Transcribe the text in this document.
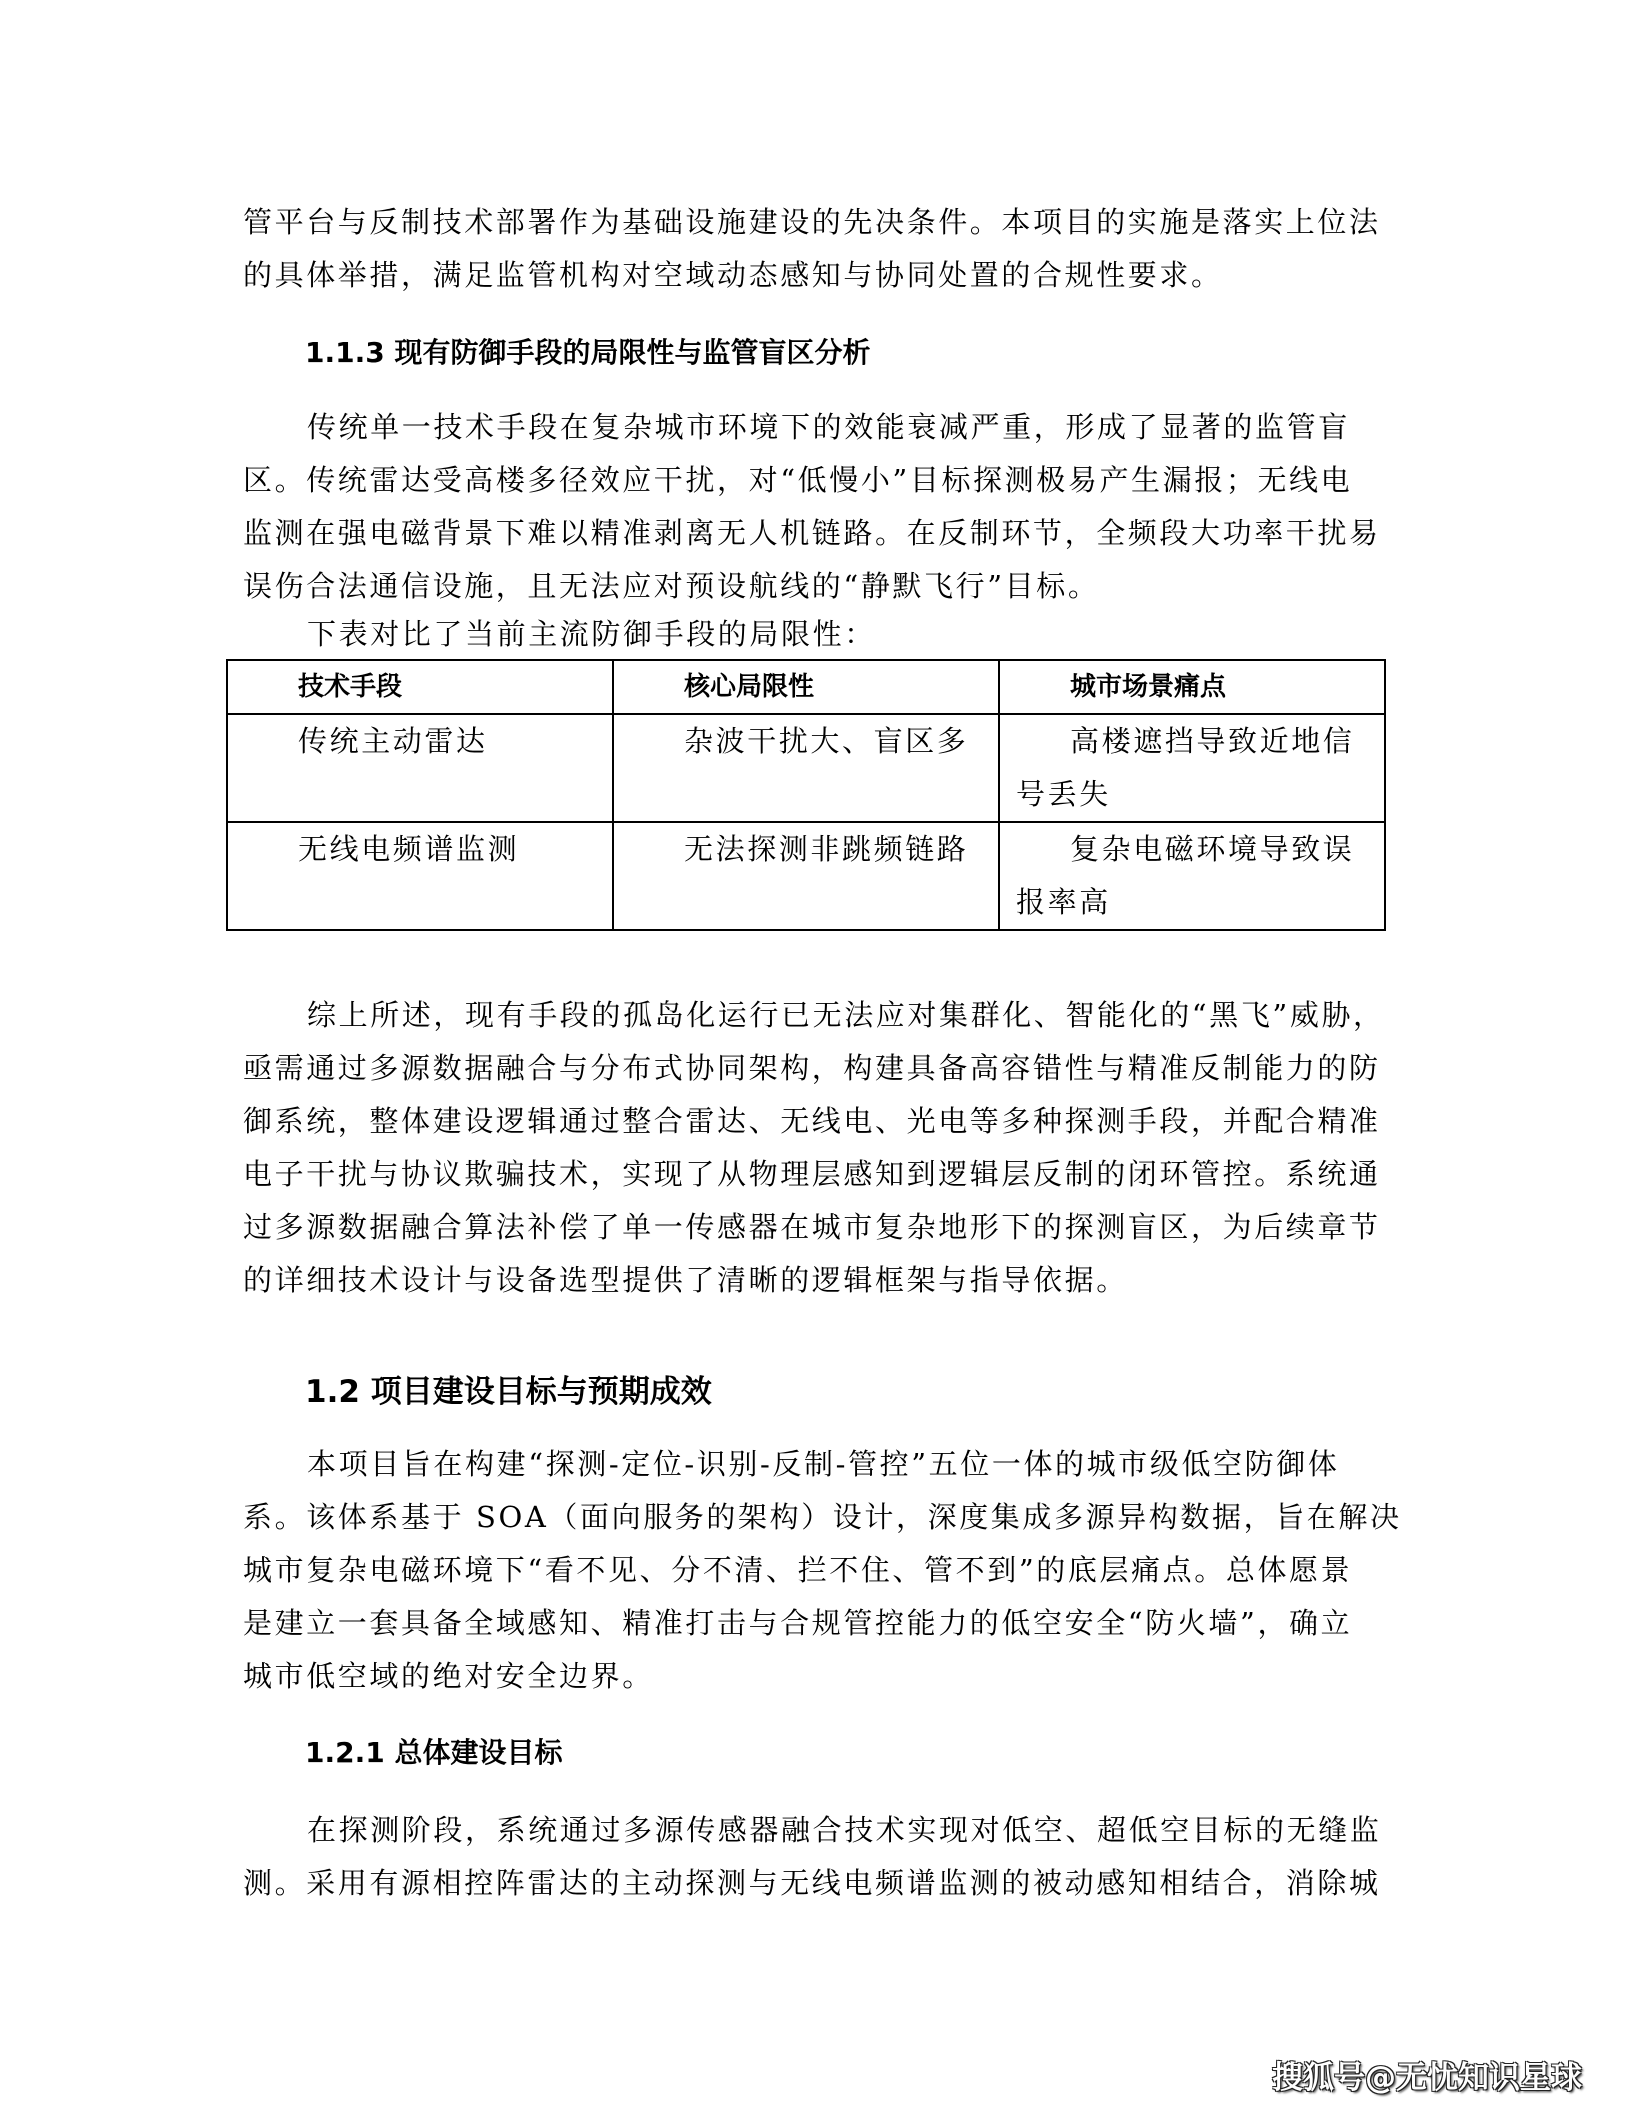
管平台与反制技术部署作为基础设施建设的先决条件。本项目的实施是落实上位法
的具体举措，满足监管机构对空域动态感知与协同处置的合规性要求。
1.1.3 现有防御手段的局限性与监管盲区分析
传统单一技术手段在复杂城市环境下的效能衰减严重，形成了显著的监管盲
区。传统雷达受高楼多径效应干扰，对“低慢小”目标探测极易产生漏报；无线电
监测在强电磁背景下难以精准剥离无人机链路。在反制环节，全频段大功率干扰易
误伤合法通信设施，且无法应对预设航线的“静默飞行”目标。
下表对比了当前主流防御手段的局限性：
技术手段	核心局限性	城市场景痛点

传统主动雷达	杂波干扰大、盲区多	高楼遮挡导致近地信号丢失

无线电频谱监测	无法探测非跳频链路	复杂电磁环境导致误报率高
综上所述，现有手段的孤岛化运行已无法应对集群化、智能化的“黑飞”威胁，
亟需通过多源数据融合与分布式协同架构，构建具备高容错性与精准反制能力的防
御系统，整体建设逻辑通过整合雷达、无线电、光电等多种探测手段，并配合精准
电子干扰与协议欺骗技术，实现了从物理层感知到逻辑层反制的闭环管控。系统通
过多源数据融合算法补偿了单一传感器在城市复杂地形下的探测盲区，为后续章节
的详细技术设计与设备选型提供了清晰的逻辑框架与指导依据。
1.2 项目建设目标与预期成效
本项目旨在构建“探测-定位-识别-反制-管控”五位一体的城市级低空防御体
系。该体系基于 SOA（面向服务的架构）设计，深度集成多源异构数据，旨在解决
城市复杂电磁环境下“看不见、分不清、拦不住、管不到”的底层痛点。总体愿景
是建立一套具备全域感知、精准打击与合规管控能力的低空安全“防火墙”，确立
城市低空域的绝对安全边界。
1.2.1 总体建设目标
在探测阶段，系统通过多源传感器融合技术实现对低空、超低空目标的无缝监
测。采用有源相控阵雷达的主动探测与无线电频谱监测的被动感知相结合，消除城
搜狐号@无忧知识星球
